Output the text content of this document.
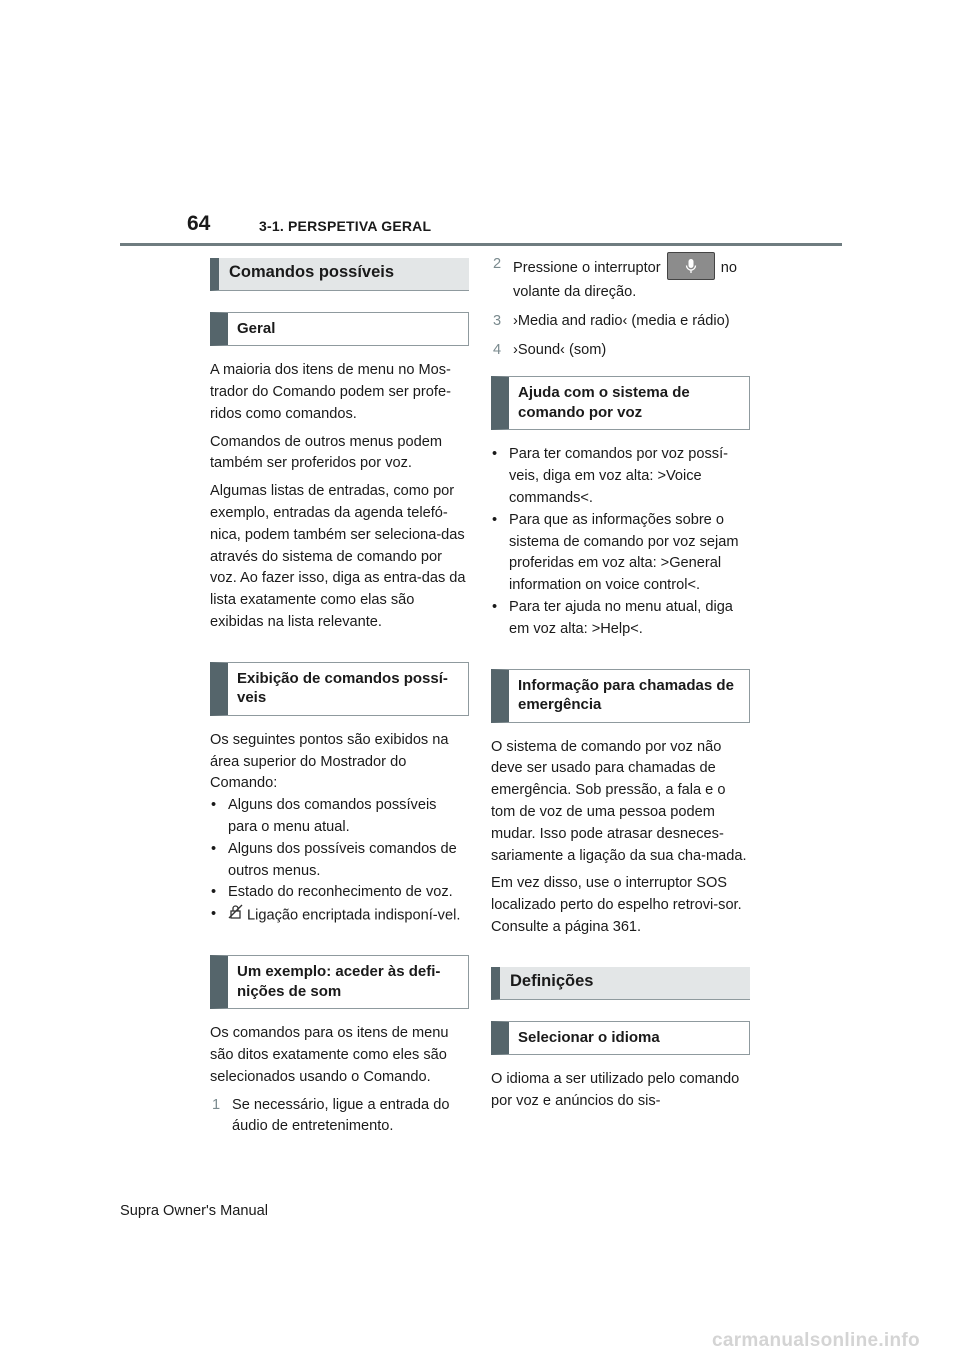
64	3-1. PERSPETIVA GERAL
Comandos possíveis
Geral

A maioria dos itens de menu no Mos-trador do Comando podem ser profe-ridos como comandos.

Comandos de outros menus podem também ser proferidos por voz.

Algumas listas de entradas, como por exemplo, entradas da agenda telefó-nica, podem também ser seleciona-das através do sistema de comando por voz. Ao fazer isso, diga as entra-das da lista exatamente como elas são exibidas na lista relevante.

Exibição de comandos possí-veis

Os seguintes pontos são exibidos na área superior do Mostrador do Comando:

• Alguns dos comandos possíveis para o menu atual.
• Alguns dos possíveis comandos de outros menus.
• Estado do reconhecimento de voz.
• Ligação encriptada indisponí-vel.
Um exemplo: aceder às defi-nições de som

Os comandos para os itens de menu são ditos exatamente como eles são selecionados usando o Comando.

1 Se necessário, ligue a entrada do áudio de entretenimento.
2 Pressione o interruptor	no volante da direção.
3 ›Media and radio‹ (media e rádio)
4 ›Sound‹ (som)
Ajuda com o sistema de comando por voz
• Para ter comandos por voz possí-veis, diga em voz alta: >Voice commands<.
• Para que as informações sobre o sistema de comando por voz sejam proferidas em voz alta: >General information on voice control<.
• Para ter ajuda no menu atual, diga em voz alta: >Help<.
Informação para chamadas de emergência

O sistema de comando por voz não deve ser usado para chamadas de emergência. Sob pressão, a fala e o tom de voz de uma pessoa podem mudar. Isso pode atrasar desneces-sariamente a ligação da sua cha-mada.

Em vez disso, use o interruptor SOS localizado perto do espelho retrovi-sor. Consulte a página 361.

Definições
Selecionar o idioma

O idioma a ser utilizado pelo comando por voz e anúncios do sis-

Supra Owner's Manual
carmanualsonline.info
